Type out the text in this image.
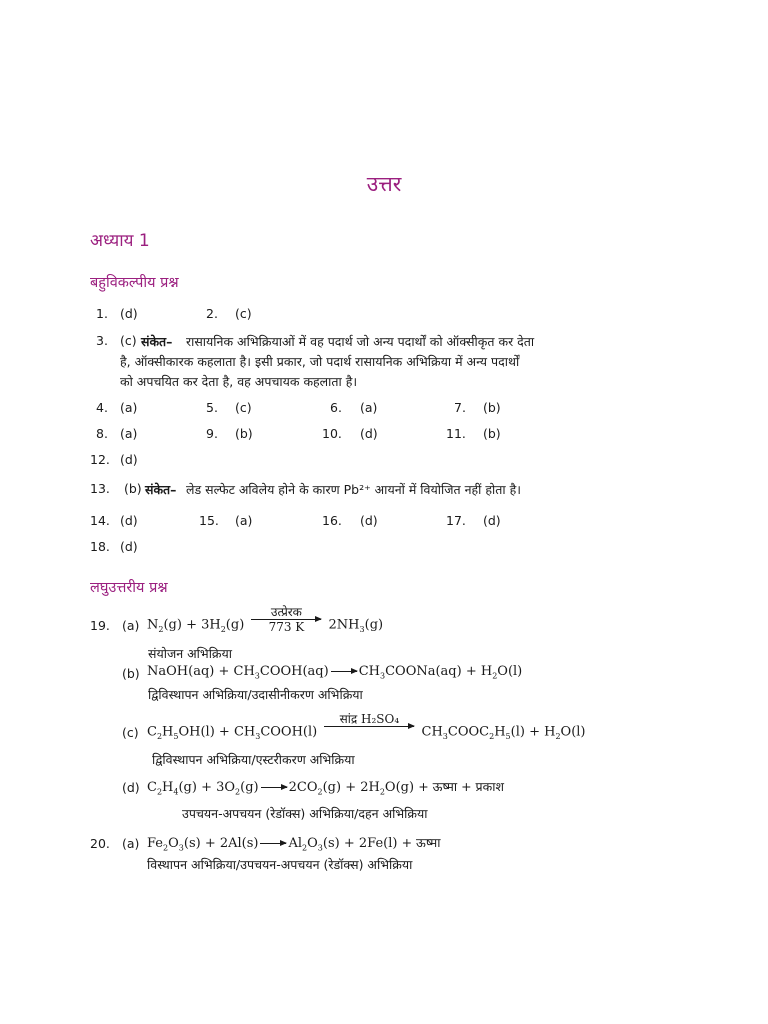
उत्तर
अध्याय 1
बहुविकल्पीय प्रश्न
1. (d)	2. (c)
3. (c) संकेत– रासायनिक अभिक्रियाओं में वह पदार्थ जो अन्य पदार्थों को ऑक्सीकृत कर देता
है, ऑक्सीकारक कहलाता है। इसी प्रकार, जो पदार्थ रासायनिक अभिक्रिया में अन्य पदार्थों
को अपचयित कर देता है, वह अपचायक कहलाता है।
4. (a)	5. (c)	6. (a)	7. (b)
8. (a)	9. (b)	10. (d)	11. (b)
12. (d)
13. (b) संकेत– लेड सल्फेट अविलेय होने के कारण Pb²⁺ आयनों में वियोजित नहीं होता है।
14. (d)	15. (a)	16. (d)	17. (d)
18. (d)
लघुउत्तरीय प्रश्न
19. (a) $N_2(g) + 3H_2(g)$
उत्प्रेरक
773 K	$2NH_3(g)$
संयोजन अभिक्रिया
(b) NaOH(aq) + $CH_3COOH(aq)$ $CH_3COONa(aq) + H_2O(l)$
द्विविस्थापन अभिक्रिया/उदासीनीकरण अभिक्रिया
(c) $C_2H_5OH(l)$ + $CH_3COOH(l)$
सांद्र H₂SO₄

$CH_3COOC_2H_5(l) + H_2O(l)$
द्विविस्थापन अभिक्रिया/एस्टरीकरण अभिक्रिया
(d) $C_2H_4(g) + 3O_2(g) 2CO_2(g) + 2H_2O(g)$ + ऊष्मा + प्रकाश
उपचयन-अपचयन (रेडॉक्स) अभिक्रिया/दहन अभिक्रिया
20. (a) $Fe_2O_3(s) + 2Al(s) Al_2O_3(s) + 2Fe(l)$ + ऊष्मा
विस्थापन अभिक्रिया/उपचयन-अपचयन (रेडॉक्स) अभिक्रिया
